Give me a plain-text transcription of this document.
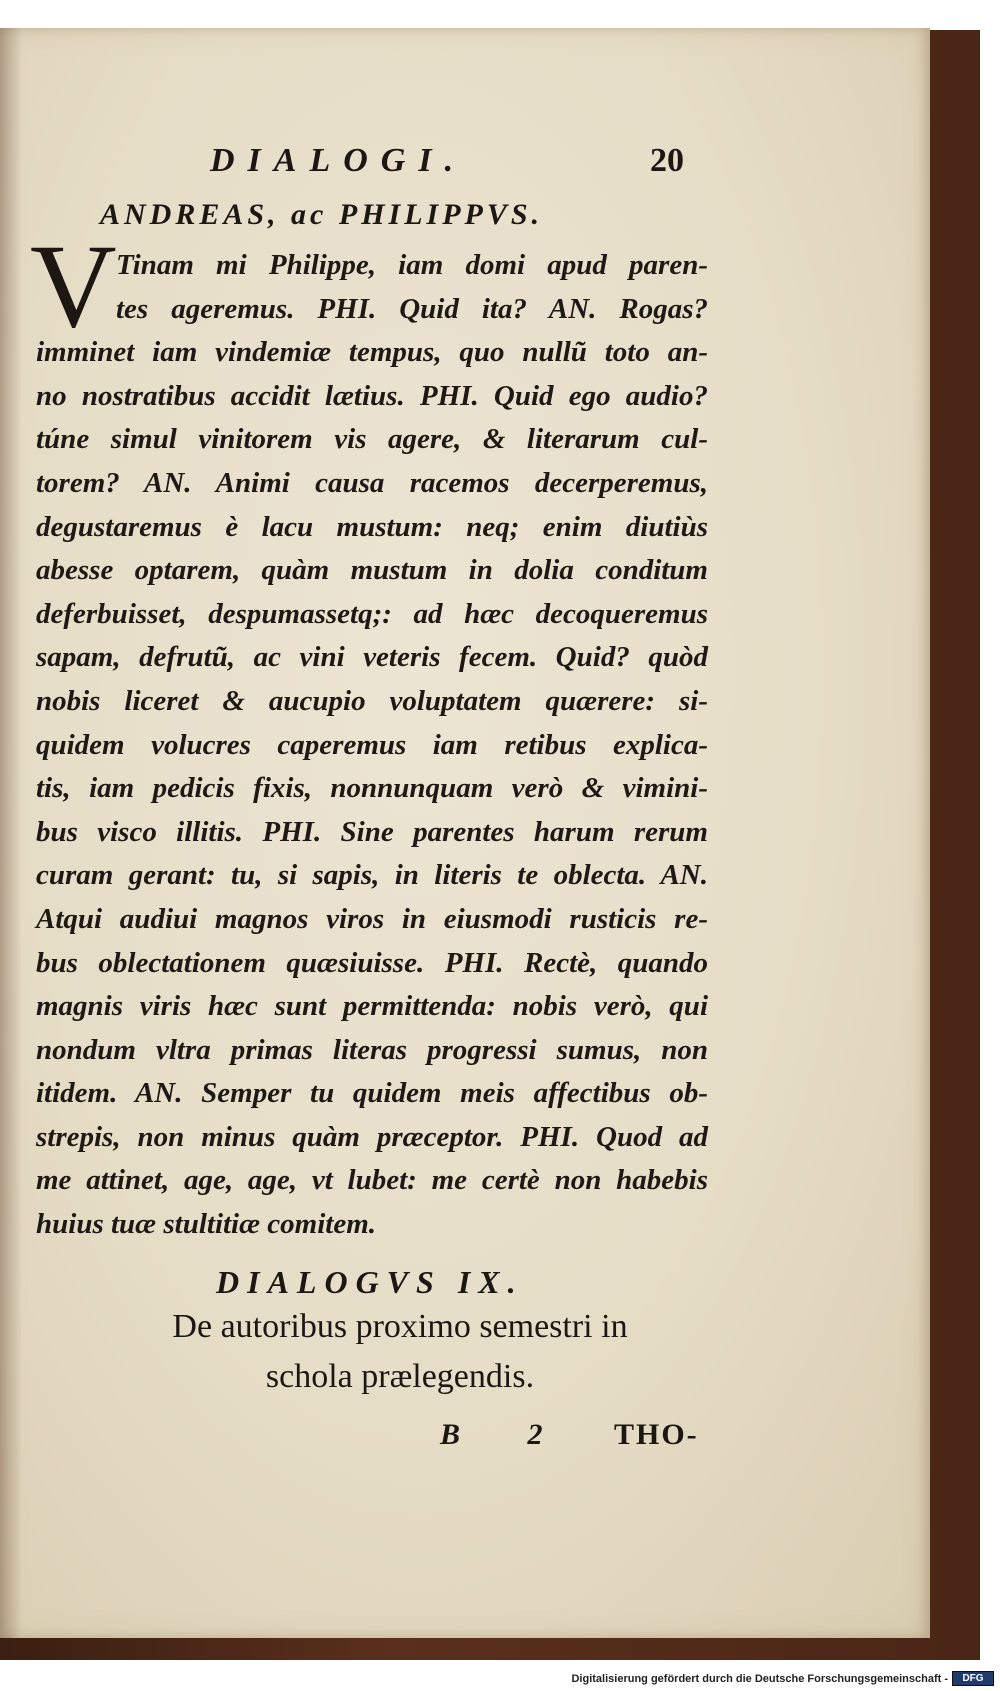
DIALOGI.	20
ANDREAS, ac PHILIPPVS.
V Tinam mi Philippe, iam domi apud paren-
tes ageremus. PHI. Quid ita? AN. Rogas?
imminet iam vindemiæ tempus, quo nullũ toto an-
no nostratibus accidit lætius. PHI. Quid ego audio?
túne simul vinitorem vis agere, & literarum cul-
torem? AN. Animi causa racemos decerperemus,
degustaremus è lacu mustum: neq; enim diutiùs
abesse optarem, quàm mustum in dolia conditum
deferbuisset, despumassetq;: ad hæc decoqueremus
sapam, defrutũ, ac vini veteris fecem. Quid? quòd
nobis liceret & aucupio voluptatem quærere: si-
quidem volucres caperemus iam retibus explica-
tis, iam pedicis fixis, nonnunquam verò & vimini-
bus visco illitis. PHI. Sine parentes harum rerum
curam gerant: tu, si sapis, in literis te oblecta. AN.
Atqui audiui magnos viros in eiusmodi rusticis re-
bus oblectationem quæsiuisse. PHI. Rectè, quando
magnis viris hæc sunt permittenda: nobis verò, qui
nondum vltra primas literas progressi sumus, non
itidem. AN. Semper tu quidem meis affectibus ob-
strepis, non minus quàm præceptor. PHI. Quod ad
me attinet, age, age, vt lubet: me certè non habebis
huius tuæ stultitiæ comitem.
DIALOGVS IX.
De autoribus proximo semestri in
schola prælegendis.
B 2 THO-
Digitalisierung gefördert durch die Deutsche Forschungsgemeinschaft -	DFG
